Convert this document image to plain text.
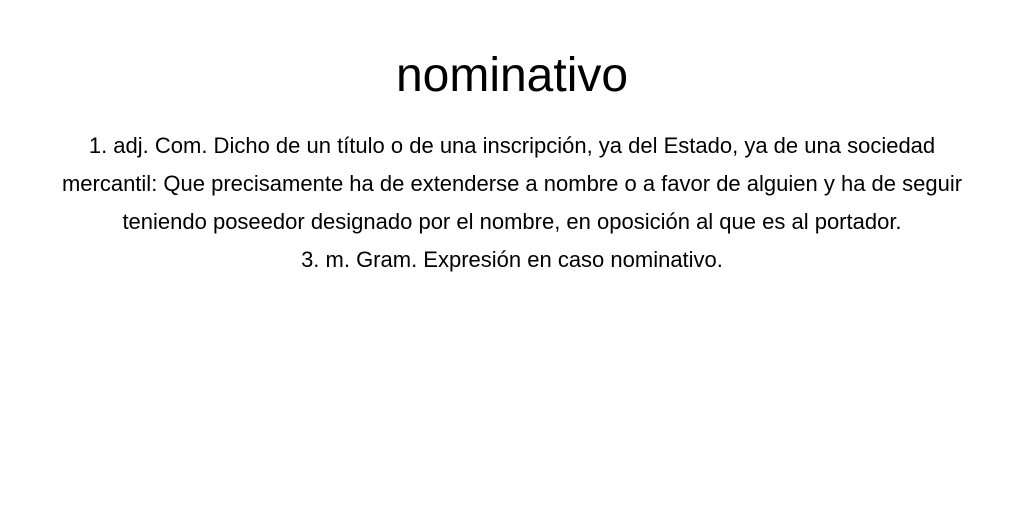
nominativo

1. adj. Com. Dicho de un título o de una inscripción, ya del Estado, ya de una sociedad mercantil: Que precisamente ha de extenderse a nombre o a favor de alguien y ha de seguir teniendo poseedor designado por el nombre, en oposición al que es al portador.

3. m. Gram. Expresión en caso nominativo.
